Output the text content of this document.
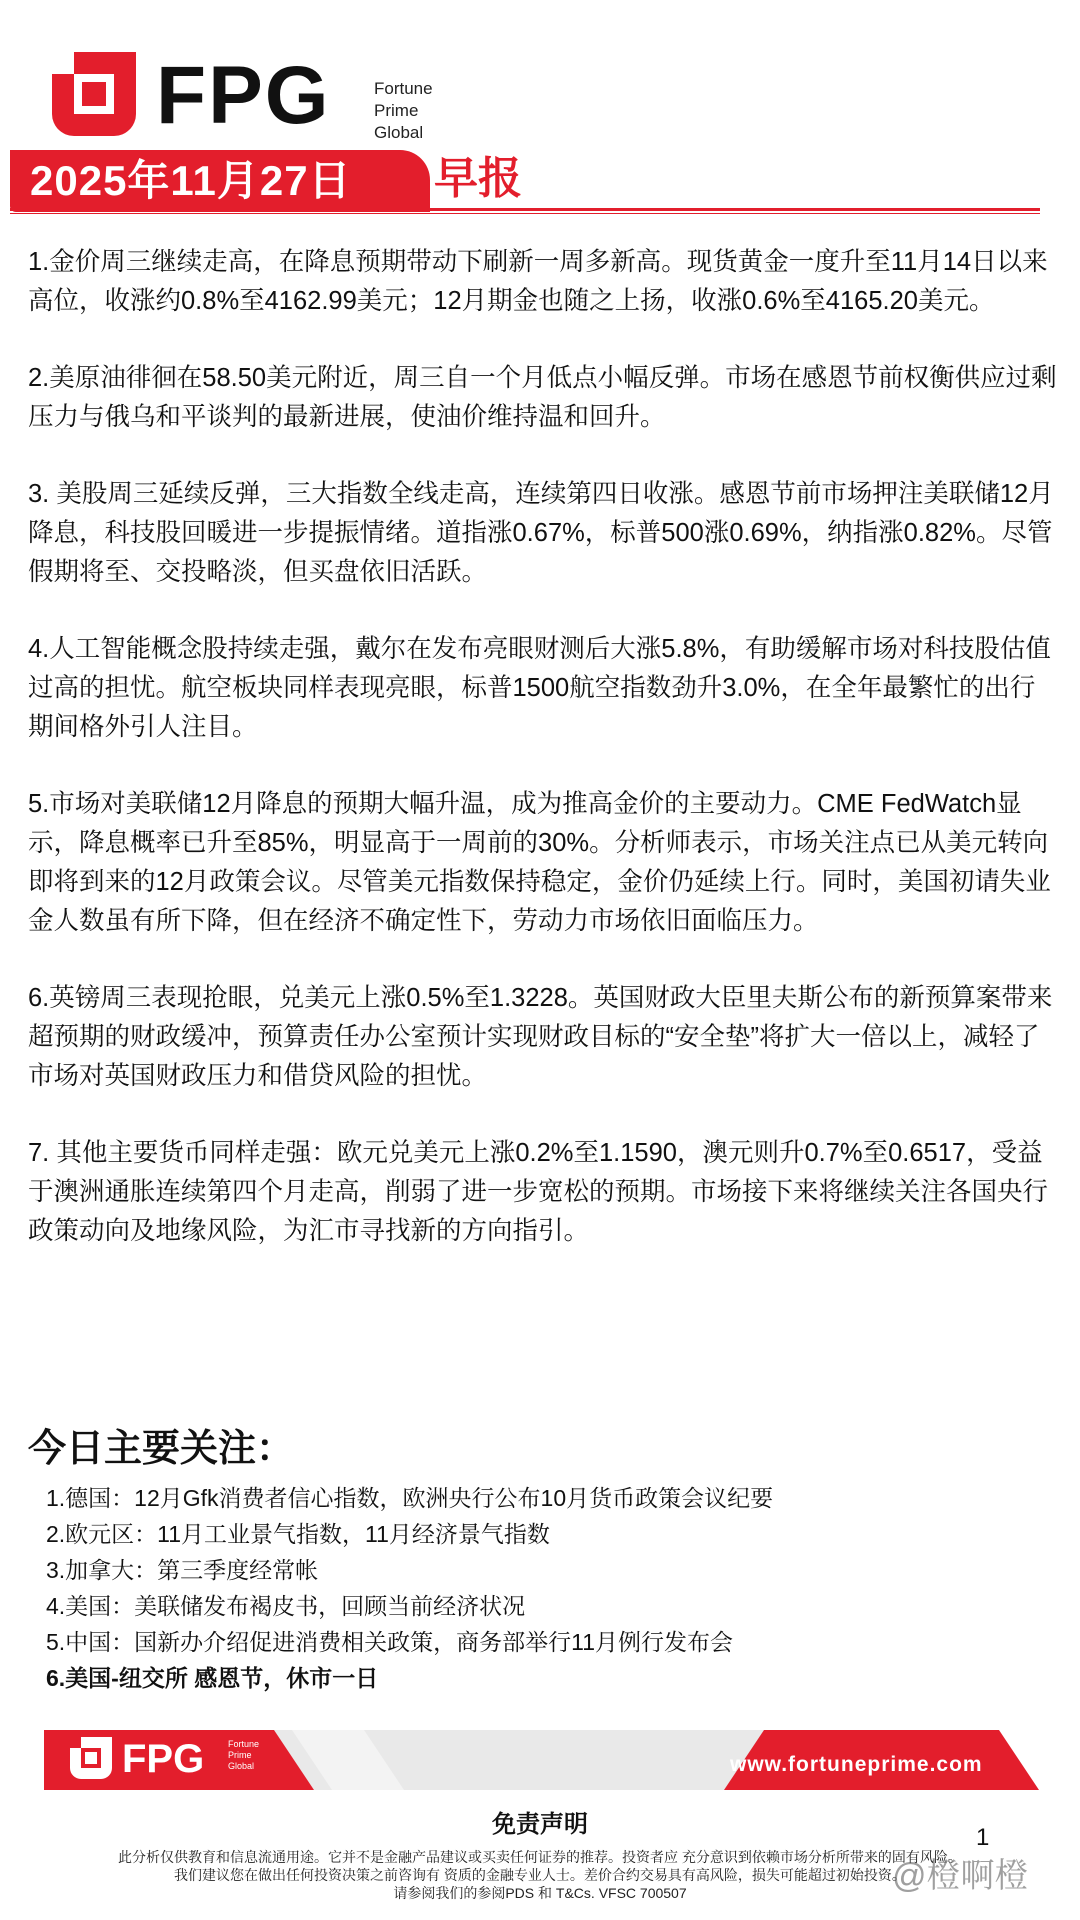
FPG	Fortune
Prime
Global
2025年11月27日 早报

1.金价周三继续走高，在降息预期带动下刷新一周多新高。现货黄金一度升至11月14日以来高位，收涨约0.8%至4162.99美元；12月期金也随之上扬，收涨0.6%至4165.20美元。

2.美原油徘徊在58.50美元附近，周三自一个月低点小幅反弹。市场在感恩节前权衡供应过剩压力与俄乌和平谈判的最新进展，使油价维持温和回升。

3. 美股周三延续反弹，三大指数全线走高，连续第四日收涨。感恩节前市场押注美联储12月降息，科技股回暖进一步提振情绪。道指涨0.67%，标普500涨0.69%，纳指涨0.82%。尽管假期将至、交投略淡，但买盘依旧活跃。

4.人工智能概念股持续走强，戴尔在发布亮眼财测后大涨5.8%，有助缓解市场对科技股估值过高的担忧。航空板块同样表现亮眼，标普1500航空指数劲升3.0%，在全年最繁忙的出行期间格外引人注目。

5.市场对美联储12月降息的预期大幅升温，成为推高金价的主要动力。CME FedWatch显示，降息概率已升至85%，明显高于一周前的30%。分析师表示，市场关注点已从美元转向即将到来的12月政策会议。尽管美元指数保持稳定，金价仍延续上行。同时，美国初请失业金人数虽有所下降，但在经济不确定性下，劳动力市场依旧面临压力。

6.英镑周三表现抢眼，兑美元上涨0.5%至1.3228。英国财政大臣里夫斯公布的新预算案带来超预期的财政缓冲，预算责任办公室预计实现财政目标的“安全垫”将扩大一倍以上，减轻了市场对英国财政压力和借贷风险的担忧。

7. 其他主要货币同样走强：欧元兑美元上涨0.2%至1.1590，澳元则升0.7%至0.6517，受益于澳洲通胀连续第四个月走高，削弱了进一步宽松的预期。市场接下来将继续关注各国央行政策动向及地缘风险，为汇市寻找新的方向指引。

今日主要关注：
1.德国：12月Gfk消费者信心指数，欧洲央行公布10月货币政策会议纪要
2.欧元区：11月工业景气指数，11月经济景气指数
3.加拿大：第三季度经常帐
4.美国：美联储发布褐皮书，回顾当前经济状况
5.中国：国新办介绍促进消费相关政策，商务部举行11月例行发布会
6.美国-纽交所 感恩节，休市一日
FPG	Fortune
Prime
Global	www.fortuneprime.com
免责声明	1
此分析仅供教育和信息流通用途。它并不是金融产品建议或买卖任何证券的推荐。投资者应 充分意识到依赖市场分析所带来的固有风险。
我们建议您在做出任何投资决策之前咨询有 资质的金融专业人士。差价合约交易具有高风险，损失可能超过初始投资。
请参阅我们的参阅PDS 和 T&Cs. VFSC 700507	@橙啊橙
